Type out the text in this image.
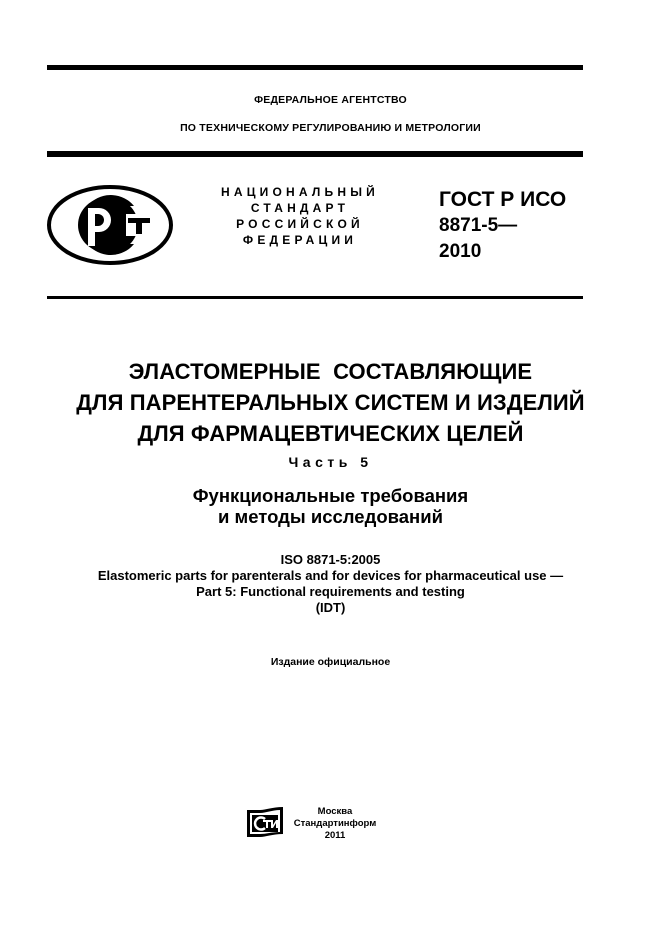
ФЕДЕРАЛЬНОЕ АГЕНТСТВО
ПО ТЕХНИЧЕСКОМУ РЕГУЛИРОВАНИЮ И МЕТРОЛОГИИ
НАЦИОНАЛЬНЫЙ
СТАНДАРТ
РОССИЙСКОЙ
ФЕДЕРАЦИИ
ГОСТ Р ИСО
8871-5—
2010
ЭЛАСТОМЕРНЫЕ  СОСТАВЛЯЮЩИЕ
ДЛЯ ПАРЕНТЕРАЛЬНЫХ СИСТЕМ И ИЗДЕЛИЙ
ДЛЯ ФАРМАЦЕВТИЧЕСКИХ ЦЕЛЕЙ
Часть 5
Функциональные требования
и методы исследований
ISO 8871-5:2005
Elastomeric parts for parenterals and for devices for pharmaceutical use —
Part 5: Functional requirements and testing
(IDT)
Издание официальное
Москва
Стандартинформ
2011
